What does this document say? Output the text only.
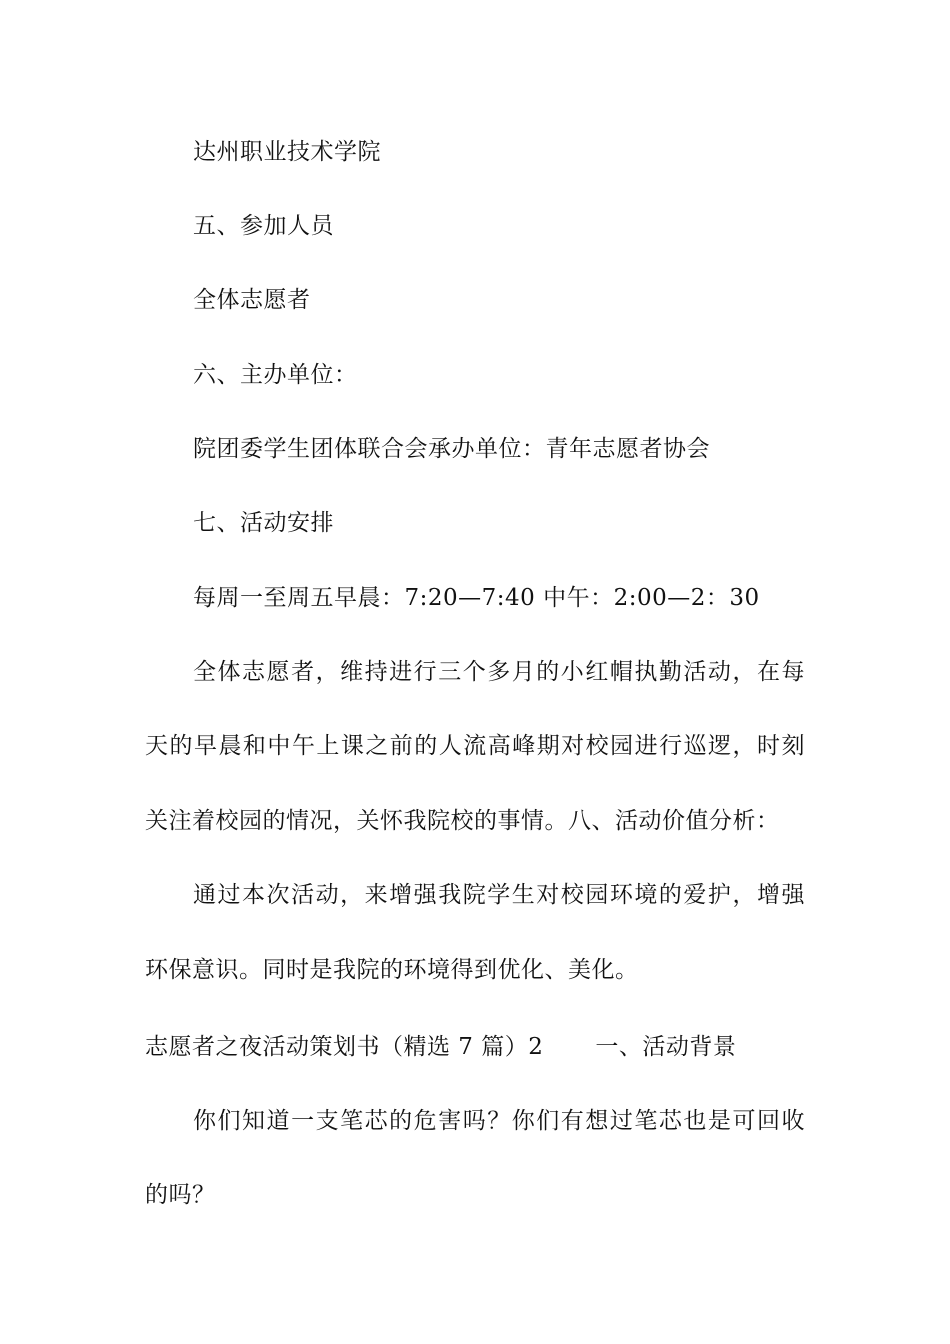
达州职业技术学院
五、参加人员
全体志愿者
六、主办单位：
院团委学生团体联合会承办单位：青年志愿者协会
七、活动安排
每周一至周五早晨：7:20—7:40 中午：2:00—2：30
全体志愿者，维持进行三个多月的小红帽执勤活动，在每
天的早晨和中午上课之前的人流高峰期对校园进行巡逻，时刻
关注着校园的情况，关怀我院校的事情。八、活动价值分析：
通过本次活动，来增强我院学生对校园环境的爱护，增强
环保意识。同时是我院的环境得到优化、美化。
志愿者之夜活动策划书（精选 7 篇）2 一、活动背景
你们知道一支笔芯的危害吗？你们有想过笔芯也是可回收
的吗？
